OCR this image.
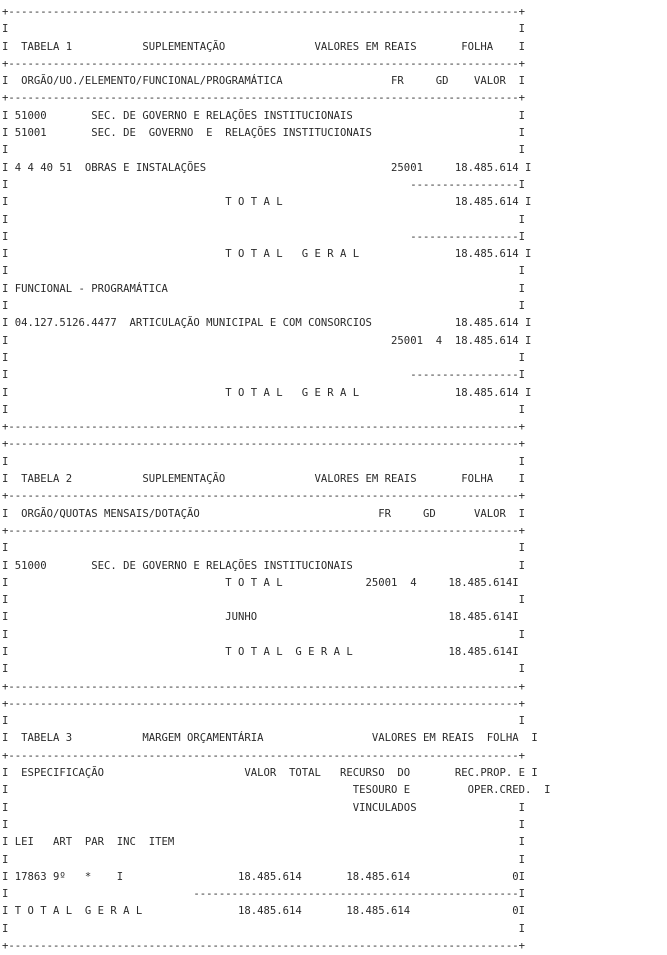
+--------------------------------------------------------------------------------+
I                                                                                I
I  TABELA 1           SUPLEMENTAÇÃO              VALORES EM REAIS       FOLHA    I
+--------------------------------------------------------------------------------+
I  ORGÃO/UO./ELEMENTO/FUNCIONAL/PROGRAMÁTICA                 FR     GD    VALOR  I
+--------------------------------------------------------------------------------+
I 51000       SEC. DE GOVERNO E RELAÇÕES INSTITUCIONAIS                          I
I 51001       SEC. DE  GOVERNO  E  RELAÇÕES INSTITUCIONAIS                       I
I                                                                                I
I 4 4 40 51  OBRAS E INSTALAÇÕES                             25001     18.485.614 I
I                                                               -----------------I
I                                  T O T A L                           18.485.614 I
I                                                                                I
I                                                               -----------------I
I                                  T O T A L   G E R A L               18.485.614 I
I                                                                                I
I FUNCIONAL - PROGRAMÁTICA                                                       I
I                                                                                I
I 04.127.5126.4477  ARTICULAÇÃO MUNICIPAL E COM CONSORCIOS             18.485.614 I
I                                                            25001  4  18.485.614 I
I                                                                                I
I                                                               -----------------I
I                                  T O T A L   G E R A L               18.485.614 I
I                                                                                I
+--------------------------------------------------------------------------------+
+--------------------------------------------------------------------------------+
I                                                                                I
I  TABELA 2           SUPLEMENTAÇÃO              VALORES EM REAIS       FOLHA    I
+--------------------------------------------------------------------------------+
I  ORGÃO/QUOTAS MENSAIS/DOTAÇÃO                            FR     GD      VALOR  I
+--------------------------------------------------------------------------------+
I                                                                                I
I 51000       SEC. DE GOVERNO E RELAÇÕES INSTITUCIONAIS                          I
I                                  T O T A L             25001  4     18.485.614I
I                                                                                I
I                                  JUNHO                              18.485.614I
I                                                                                I
I                                  T O T A L  G E R A L               18.485.614I
I                                                                                I
+--------------------------------------------------------------------------------+
+--------------------------------------------------------------------------------+
I                                                                                I
I  TABELA 3           MARGEM ORÇAMENTÁRIA                 VALORES EM REAIS  FOLHA  I
+--------------------------------------------------------------------------------+
I  ESPECIFICAÇÃO                      VALOR  TOTAL   RECURSO  DO       REC.PROP. E I
I                                                      TESOURO E         OPER.CRED.  I
I                                                      VINCULADOS                I
I                                                                                I
I LEI   ART  PAR  INC  ITEM                                                      I
I                                                                                I
I 17863 9º   *    I                  18.485.614       18.485.614                0I
I                             ---------------------------------------------------I
I T O T A L  G E R A L               18.485.614       18.485.614                0I
I                                                                                I
+--------------------------------------------------------------------------------+
